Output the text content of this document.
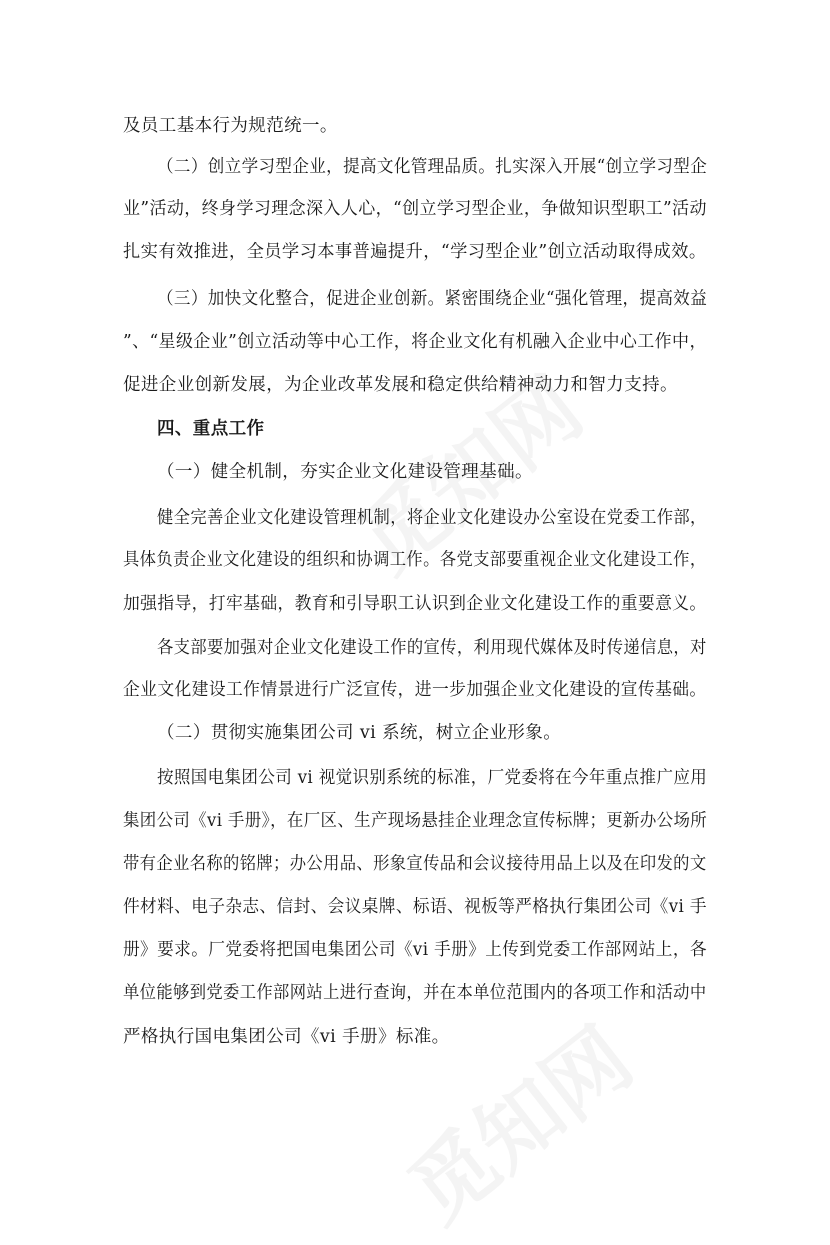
及员工基本行为规范统一。
（二）创立学习型企业，提高文化管理品质。扎实深入开展“创立学习型企
业”活动，终身学习理念深入人心，“创立学习型企业，争做知识型职工”活动
扎实有效推进，全员学习本事普遍提升，“学习型企业”创立活动取得成效。
（三）加快文化整合，促进企业创新。紧密围绕企业“强化管理，提高效益
”、“星级企业”创立活动等中心工作，将企业文化有机融入企业中心工作中，
促进企业创新发展，为企业改革发展和稳定供给精神动力和智力支持。
四、重点工作
（一）健全机制，夯实企业文化建设管理基础。
健全完善企业文化建设管理机制，将企业文化建设办公室设在党委工作部，
具体负责企业文化建设的组织和协调工作。各党支部要重视企业文化建设工作，
加强指导，打牢基础，教育和引导职工认识到企业文化建设工作的重要意义。
各支部要加强对企业文化建设工作的宣传，利用现代媒体及时传递信息，对
企业文化建设工作情景进行广泛宣传，进一步加强企业文化建设的宣传基础。
（二）贯彻实施集团公司 vi 系统，树立企业形象。
按照国电集团公司 vi 视觉识别系统的标准，厂党委将在今年重点推广应用
集团公司《vi 手册》，在厂区、生产现场悬挂企业理念宣传标牌；更新办公场所
带有企业名称的铭牌；办公用品、形象宣传品和会议接待用品上以及在印发的文
件材料、电子杂志、信封、会议桌牌、标语、视板等严格执行集团公司《vi 手
册》要求。厂党委将把国电集团公司《vi 手册》上传到党委工作部网站上，各
单位能够到党委工作部网站上进行查询，并在本单位范围内的各项工作和活动中
严格执行国电集团公司《vi 手册》标准。
